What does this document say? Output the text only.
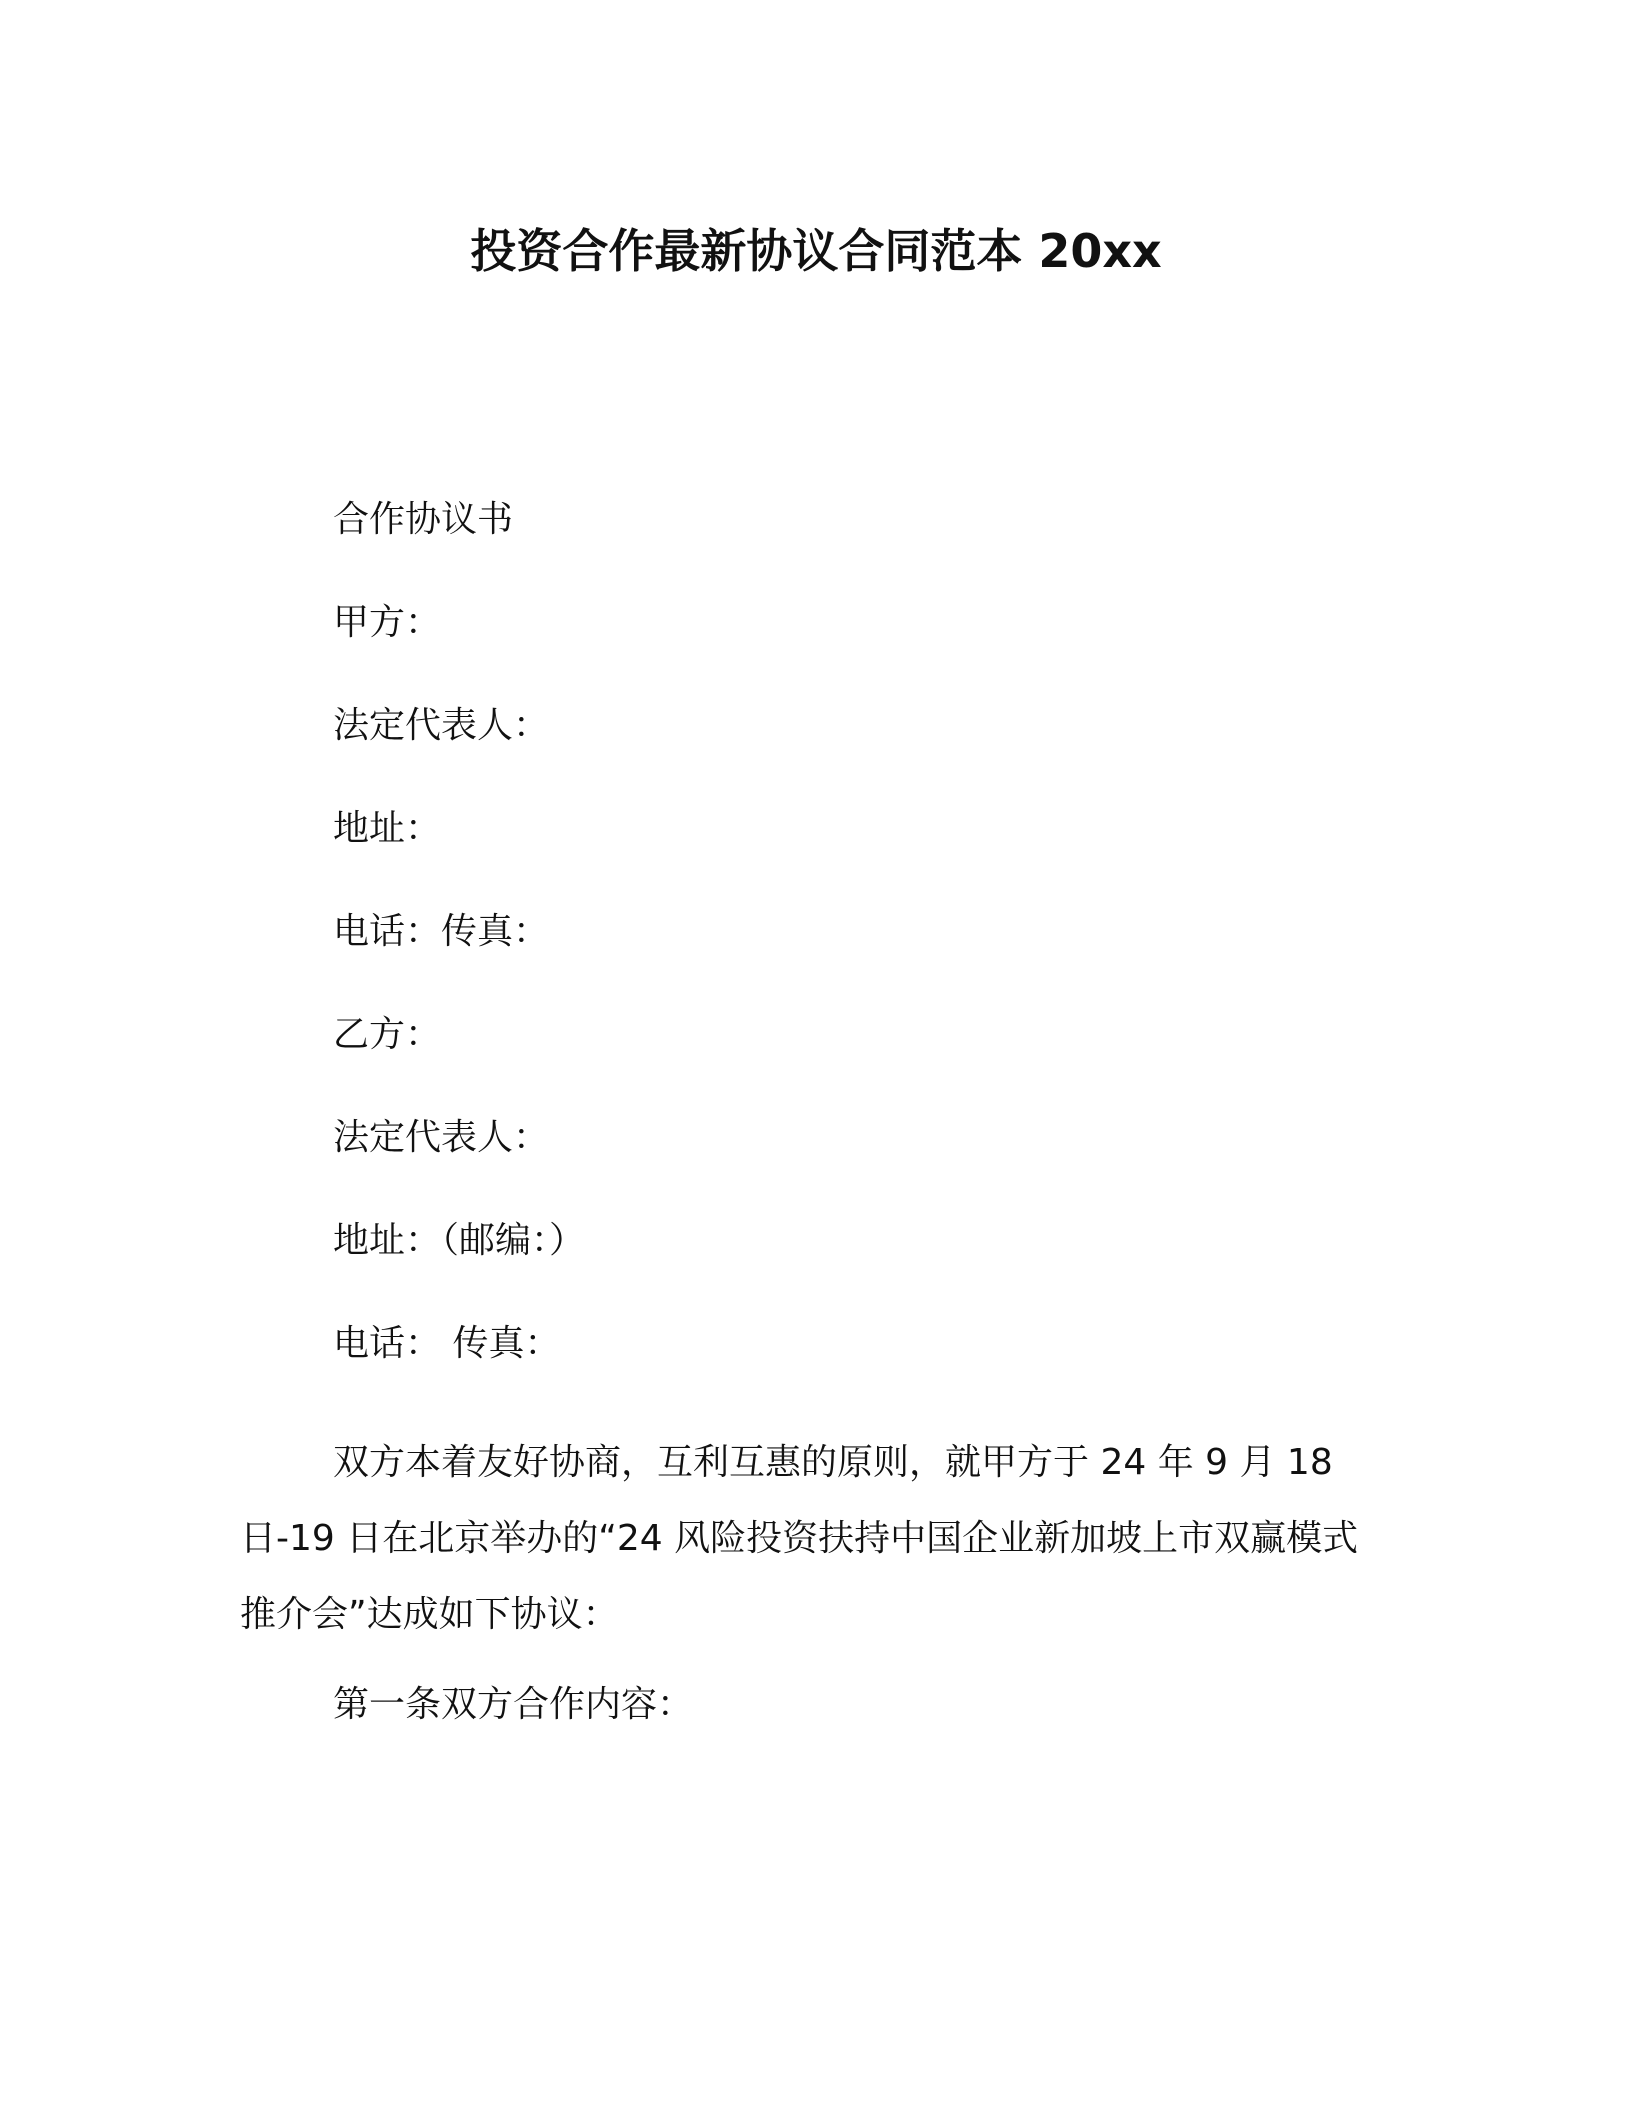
投资合作最新协议合同范本 20xx

合作协议书

甲方：

法定代表人：

地址：

电话：传真：

乙方：

法定代表人：

地址：（邮编：）

电话： 传真：

双方本着友好协商，互利互惠的原则，就甲方于 24 年 9 月 18 日-19 日在北京举办的“24 风险投资扶持中国企业新加坡上市双赢模式推介会”达成如下协议：

第一条双方合作内容：
